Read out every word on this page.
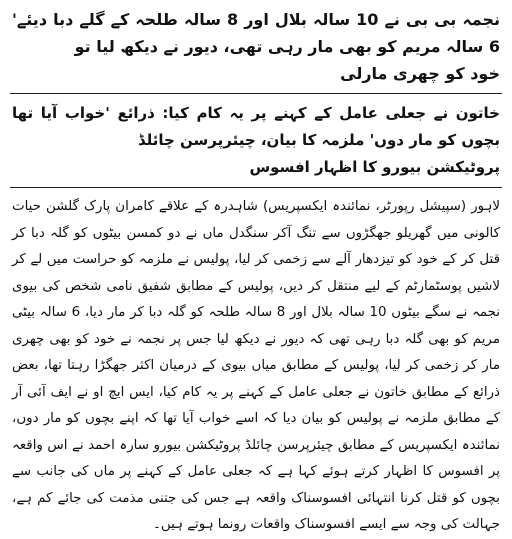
نجمہ بی بی نے 10 سالہ بلال اور 8 سالہ طلحہ کے گلے دبا دیئے' 6 سالہ مریم کو بھی مار رہی تھی، دیور نے دیکھ لیا تو
خود کو چھری مارلی
خاتون نے جعلی عامل کے کہنے پر یہ کام کیا: ذرائع 'خواب آیا تھا بچوں کو مار دوں' ملزمہ کا بیان، چیئرپرسن چائلڈ
پروٹیکشن بیورو کا اظہار افسوس

لاہور (سپیشل رپورٹر، نمائندہ ایکسپریس) شاہدرہ کے علاقے کامران پارک گلشن حیات کالونی میں گھریلو جھگڑوں سے تنگ آکر سنگدل ماں نے دو کمسن بیٹوں کو گلہ دبا کر قتل کر کے خود کو تیزدھار آلے سے زخمی کر لیا، پولیس نے ملزمہ کو حراست میں لے کر لاشیں پوسٹمارٹم کے لیے منتقل کر دیں، پولیس کے مطابق شفیق نامی شخص کی بیوی نجمہ نے سگے بیٹوں 10 سالہ بلال اور 8 سالہ طلحہ کو گلہ دبا کر مار دیا، 6 سالہ بیٹی مریم کو بھی گلہ دبا رہی تھی کہ دیور نے دیکھ لیا جس پر نجمہ نے خود کو بھی چھری مار کر زخمی کر لیا، پولیس کے مطابق میاں بیوی کے درمیان اکثر جھگڑا رہتا تھا، بعض ذرائع کے مطابق خاتون نے جعلی عامل کے کہنے پر یہ کام کیا، ایس ایچ او نے ایف آئی آر کے مطابق ملزمہ نے پولیس کو بیان دیا کہ اسے خواب آیا تھا کہ اپنے بچوں کو مار دوں، نمائندہ ایکسپریس کے مطابق چیئرپرسن چائلڈ پروٹیکشن بیورو سارہ احمد نے اس واقعہ پر افسوس کا اظہار کرتے ہوئے کہا ہے کہ جعلی عامل کے کہنے پر ماں کی جانب سے بچوں کو قتل کرنا انتہائی افسوسناک واقعہ ہے جس کی جتنی مذمت کی جائے کم ہے، جہالت کی وجہ سے ایسے افسوسناک واقعات رونما ہوتے ہیں۔
